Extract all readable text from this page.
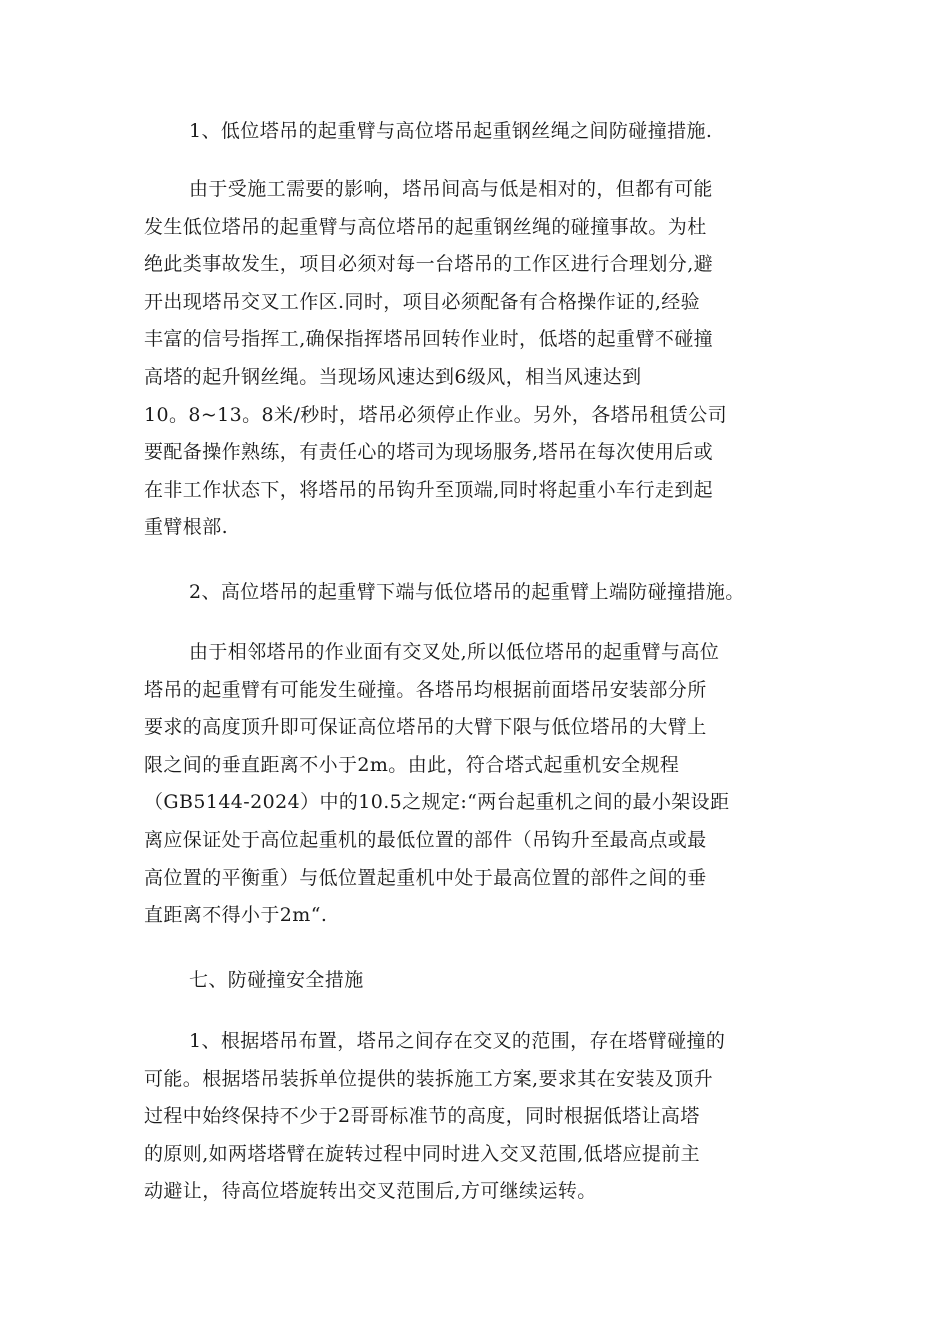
1、低位塔吊的起重臂与高位塔吊起重钢丝绳之间防碰撞措施.

由于受施工需要的影响，塔吊间高与低是相对的，但都有可能
发生低位塔吊的起重臂与高位塔吊的起重钢丝绳的碰撞事故。为杜
绝此类事故发生，项目必须对每一台塔吊的工作区进行合理划分,避
开出现塔吊交叉工作区.同时，项目必须配备有合格操作证的,经验
丰富的信号指挥工,确保指挥塔吊回转作业时，低塔的起重臂不碰撞
高塔的起升钢丝绳。当现场风速达到6级风，相当风速达到
10。8~13。8米/秒时，塔吊必须停止作业。另外，各塔吊租赁公司
要配备操作熟练，有责任心的塔司为现场服务,塔吊在每次使用后或
在非工作状态下，将塔吊的吊钩升至顶端,同时将起重小车行走到起
重臂根部.

2、高位塔吊的起重臂下端与低位塔吊的起重臂上端防碰撞措施。

由于相邻塔吊的作业面有交叉处,所以低位塔吊的起重臂与高位
塔吊的起重臂有可能发生碰撞。各塔吊均根据前面塔吊安装部分所
要求的高度顶升即可保证高位塔吊的大臂下限与低位塔吊的大臂上
限之间的垂直距离不小于2m。由此，符合塔式起重机安全规程
（GB5144-2024）中的10.5之规定:“两台起重机之间的最小架设距
离应保证处于高位起重机的最低位置的部件（吊钩升至最高点或最
高位置的平衡重）与低位置起重机中处于最高位置的部件之间的垂
直距离不得小于2m“.

七、防碰撞安全措施

1、根据塔吊布置，塔吊之间存在交叉的范围，存在塔臂碰撞的
可能。根据塔吊装拆单位提供的装拆施工方案,要求其在安装及顶升
过程中始终保持不少于2哥哥标准节的高度，同时根据低塔让高塔
的原则,如两塔塔臂在旋转过程中同时进入交叉范围,低塔应提前主
动避让，待高位塔旋转出交叉范围后,方可继续运转。
